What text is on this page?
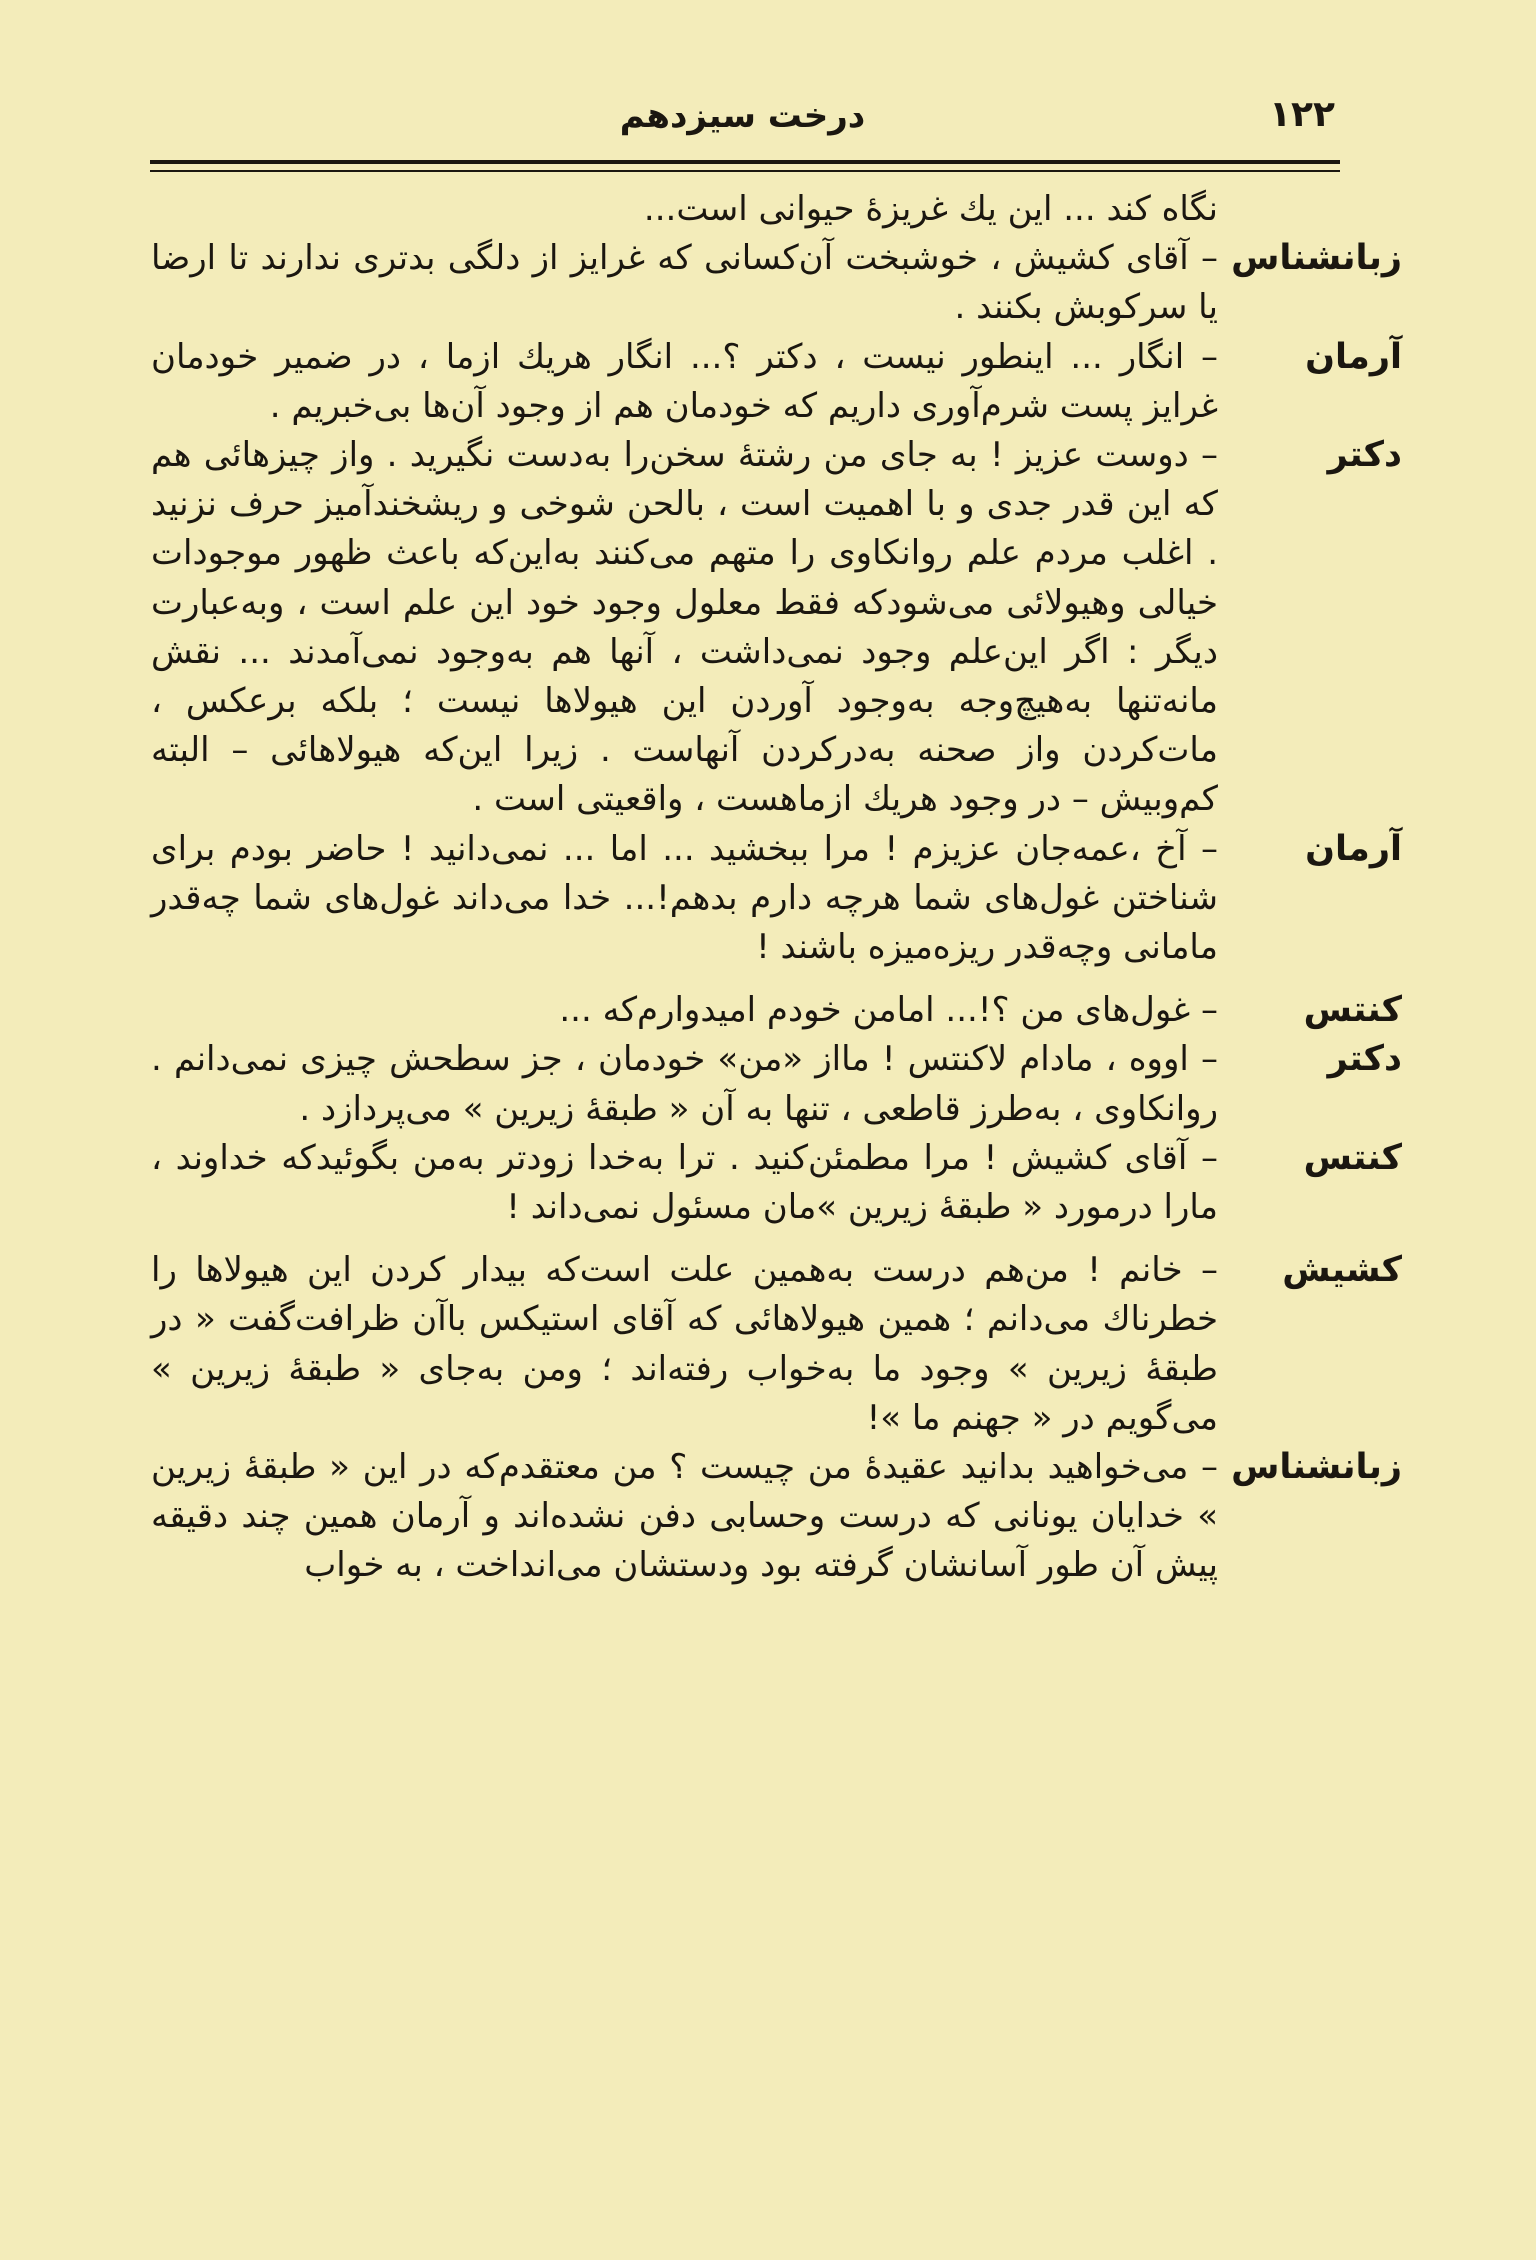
۱۲۲
درخت سیزدهم
نگاه کند ... این یك غریزهٔ حیوانی است...
زبانشناس
– آقای کشیش ، خوشبخت آن‌کسانی که غرایز از دلگی بدتری ندارند تا ارضا یا سرکوبش بکنند .
آرمان
– انگار ... اینطور نیست ، دکتر ؟... انگار هریك ازما ، در ضمیر خودمان غرایز پست شرم‌آوری داریم که خودمان هم از وجود آن‌ها بی‌خبریم .
دکتر
– دوست عزیز ! به جای من رشتهٔ سخن‌را به‌دست نگیرید . واز چیزهائی هم که این قدر جدی و با اهمیت است ، بالحن شوخی و ریشخندآمیز حرف نزنید . اغلب مردم علم روانکاوی را متهم می‌کنند به‌این‌که باعث ظهور موجودات خیالی وهیولائی می‌شودکه فقط معلول وجود خود این علم است ، وبه‌عبارت دیگر : اگر این‌علم وجود نمی‌داشت ، آنها هم به‌وجود نمی‌آمدند ... نقش مانه‌تنها به‌هیچ‌وجه به‌وجود آوردن این هیولاها نیست ؛ بلکه برعکس ، مات‌کردن واز صحنه به‌درکردن آنهاست . زیرا این‌که هیولاهائی – البته کم‌وبیش – در وجود هریك ازماهست ، واقعیتی است .
آرمان
– آخ ،عمه‌جان عزیزم ! مرا ببخشید ... اما ... نمی‌دانید ! حاضر بودم برای شناختن غول‌های شما هرچه دارم بدهم!... خدا می‌داند غول‌های شما چه‌قدر مامانی وچه‌قدر ریزه‌میزه باشند !
کنتس
– غول‌های من ؟!... امامن خودم امیدوارم‌که ...
دکتر
– اووه ، مادام لاکنتس ! مااز «من» خودمان ، جز سطحش چیزی نمی‌دانم . روانکاوی ، به‌طرز قاطعی ، تنها به آن « طبقهٔ زیرین » می‌پردازد .
کنتس
– آقای کشیش ! مرا مطمئن‌کنید . ترا به‌خدا زودتر به‌من بگوئیدکه خداوند ، مارا درمورد « طبقهٔ زیرین »مان مسئول نمی‌داند !
کشیش
– خانم ! من‌هم درست به‌همین علت است‌که بیدار کردن این هیولاها را خطرناك می‌دانم ؛ همین هیولاهائی که آقای استیکس باآن ظرافت‌گفت « در طبقهٔ زیرین » وجود ما به‌خواب رفته‌اند ؛ ومن به‌جای « طبقهٔ زیرین » می‌گویم در « جهنم ما »!
زبانشناس
– می‌خواهید بدانید عقیدهٔ من چیست ؟ من معتقدم‌که در این « طبقهٔ زیرین » خدایان یونانی که درست وحسابی دفن نشده‌اند و آرمان همین چند دقیقه پیش آن طور آسانشان گرفته بود ودستشان می‌انداخت ، به خواب
